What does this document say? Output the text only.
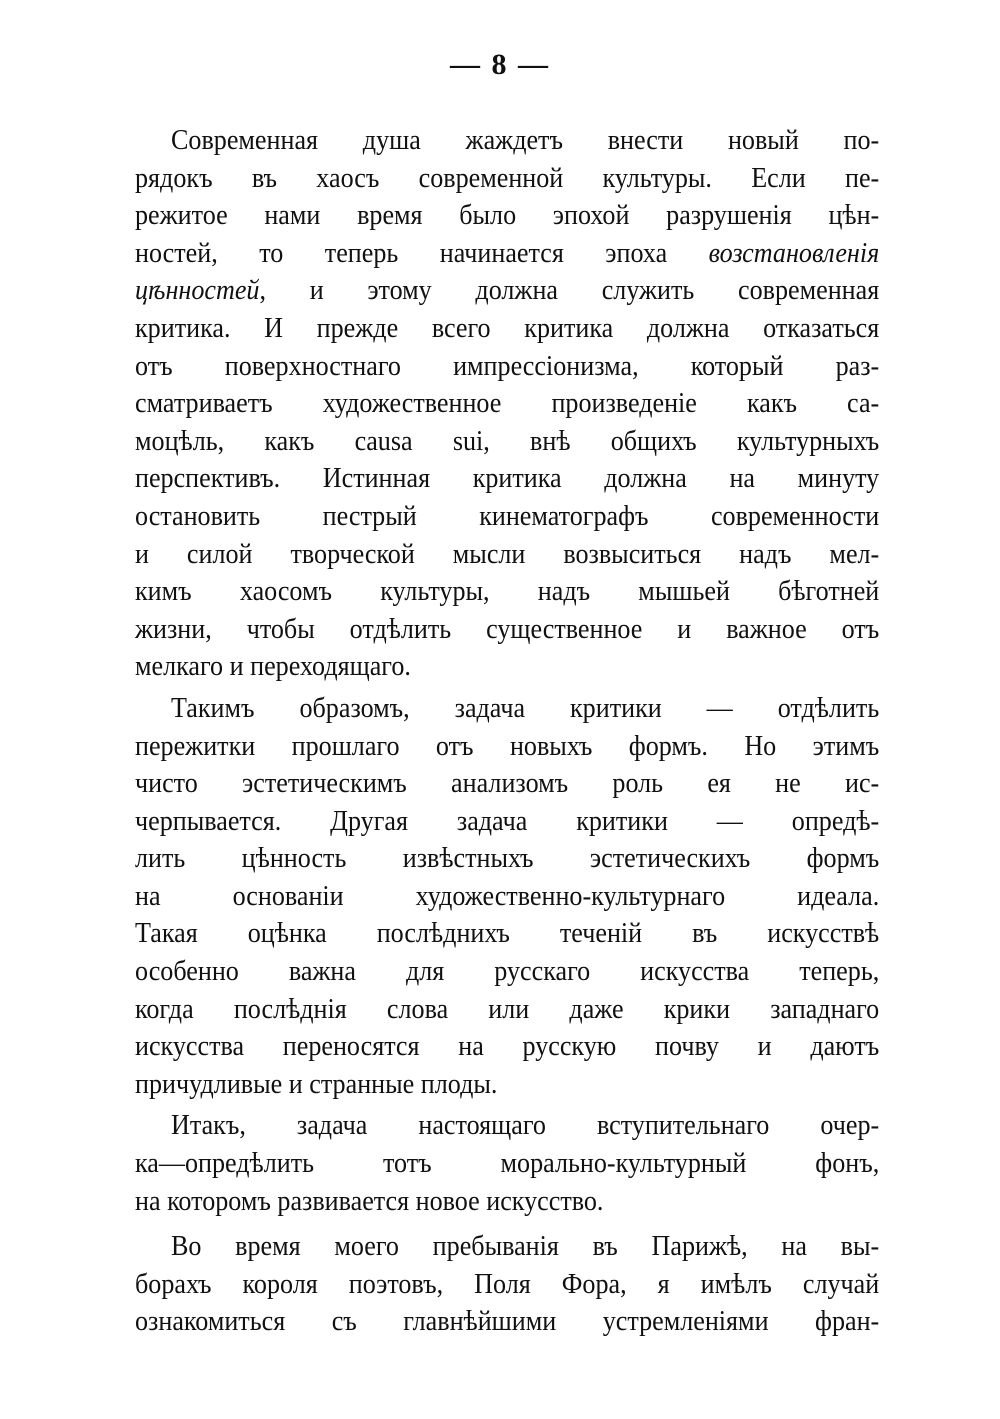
— 8 —
Современная душа жаждетъ внести новый по-
рядокъ въ хаосъ современной культуры. Если пе-
режитое нами время было эпохой разрушенія цѣн-
ностей, то теперь начинается эпоха возстановленія
цѣнностей, и этому должна служить современная
критика. И прежде всего критика должна отказаться
отъ поверхностнаго импрессіонизма, который раз-
сматриваетъ художественное произведеніе какъ са-
моцѣль, какъ causa sui, внѣ общихъ культурныхъ
перспективъ. Истинная критика должна на минуту
остановить пестрый кинематографъ современности
и силой творческой мысли возвыситься надъ мел-
кимъ хаосомъ культуры, надъ мышьей бѣготней
жизни, чтобы отдѣлить существенное и важное отъ
мелкаго и переходящаго.
Такимъ образомъ, задача критики — отдѣлить
пережитки прошлаго отъ новыхъ формъ. Но этимъ
чисто эстетическимъ анализомъ роль ея не ис-
черпывается. Другая задача критики — опредѣ-
лить цѣнность извѣстныхъ эстетическихъ формъ
на основаніи художественно-культурнаго идеала.
Такая оцѣнка послѣднихъ теченій въ искусствѣ
особенно важна для русскаго искусства теперь,
когда послѣднія слова или даже крики западнаго
искусства переносятся на русскую почву и даютъ
причудливые и странные плоды.
Итакъ, задача настоящаго вступительнаго очер-
ка—опредѣлить тотъ морально-культурный фонъ,
на которомъ развивается новое искусство.
Во время моего пребыванія въ Парижѣ, на вы-
борахъ короля поэтовъ, Поля Фора, я имѣлъ случай
ознакомиться съ главнѣйшими устремленіями фран-
